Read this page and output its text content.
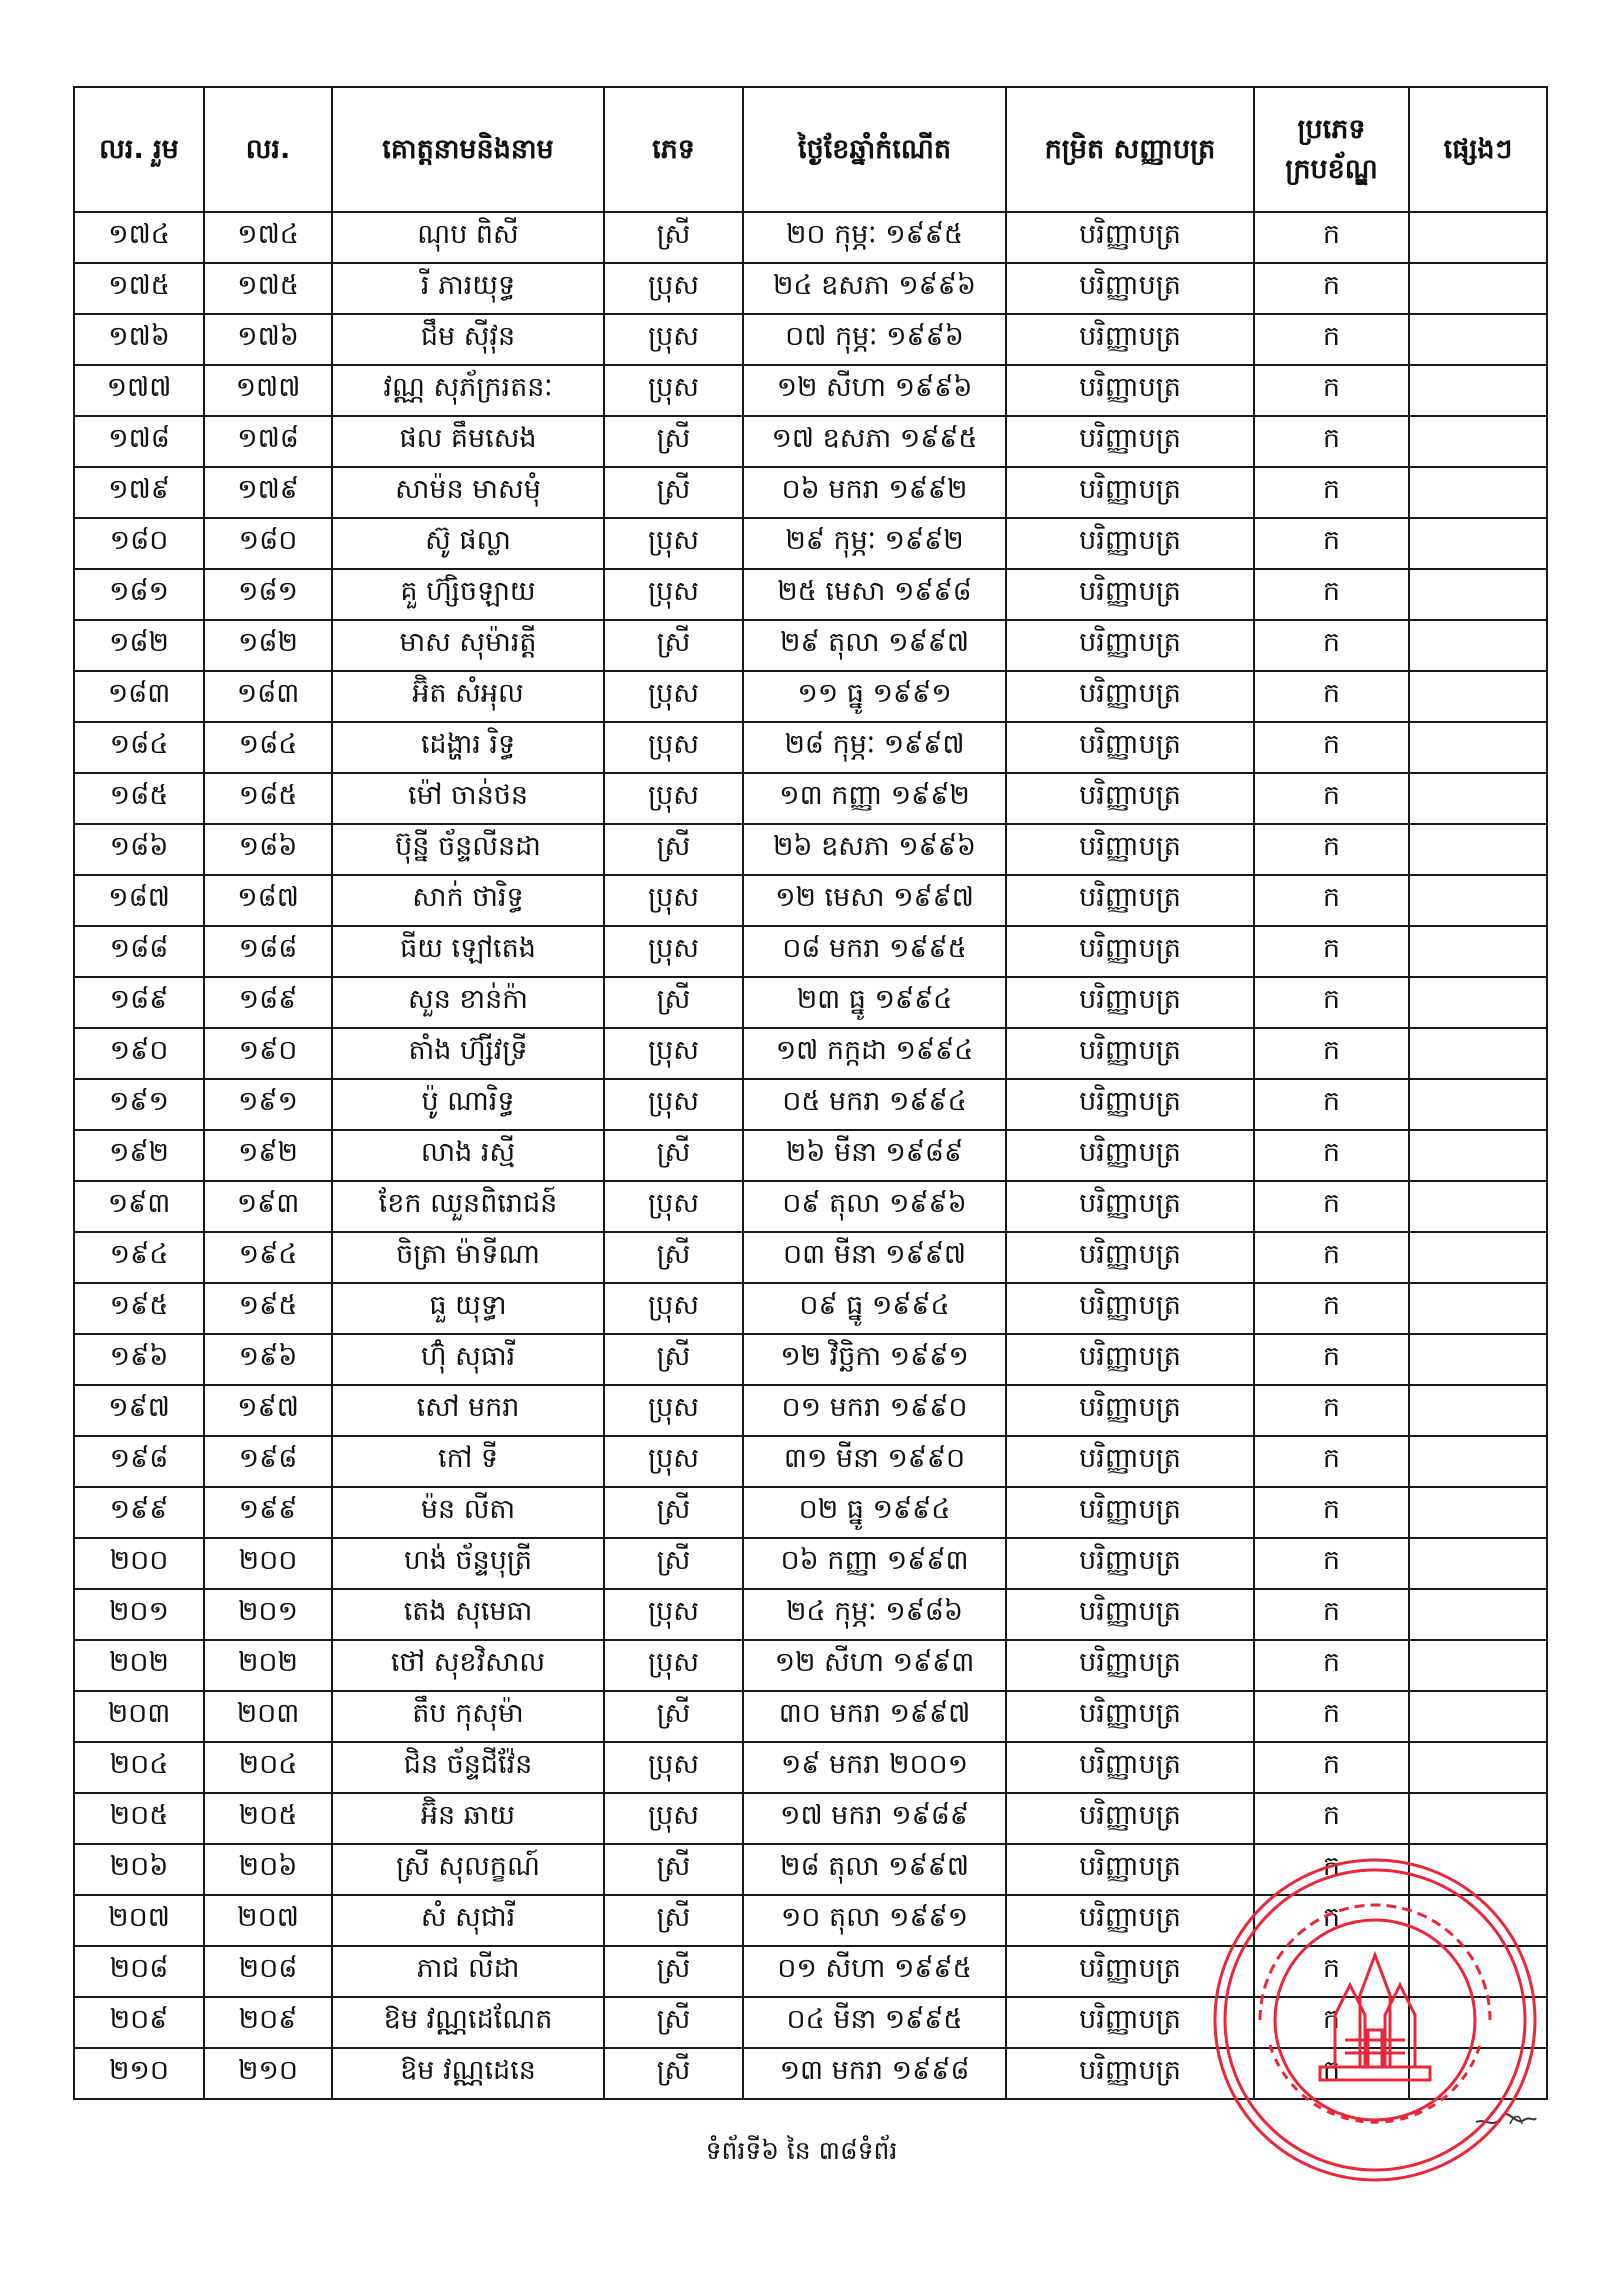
លរ. រួម	លរ.	គោត្តនាមនិងនាម	ភេទ	ថ្ងៃខែឆ្នាំកំណើត	កម្រិត សញ្ញាបត្រ	ប្រភេទ ក្របខ័ណ្ឌ	ផ្សេងៗ
១៧៤	១៧៤	ណុប ពិសី	ស្រី	២០ កុម្ភៈ ១៩៩៥	បរិញ្ញាបត្រ	ក	
១៧៥	១៧៥	រី ភារយុទ្ធ	ប្រុស	២៤ ឧសភា ១៩៩៦	បរិញ្ញាបត្រ	ក	
១៧៦	១៧៦	ជឹម ស៊ីវុន	ប្រុស	០៧ កុម្ភៈ ១៩៩៦	បរិញ្ញាបត្រ	ក	
១៧៧	១៧៧	វណ្ណ សុភ័ក្ររតនៈ	ប្រុស	១២ សីហា ១៩៩៦	បរិញ្ញាបត្រ	ក	
១៧៨	១៧៨	ផល គឹមសេង	ស្រី	១៧ ឧសភា ១៩៩៥	បរិញ្ញាបត្រ	ក	
១៧៩	១៧៩	សាម៉ន មាសមុំ	ស្រី	០៦ មករា ១៩៩២	បរិញ្ញាបត្រ	ក	
១៨០	១៨០	ស៊ូ ផល្លា	ប្រុស	២៩ កុម្ភៈ ១៩៩២	បរិញ្ញាបត្រ	ក	
១៨១	១៨១	គួ ហ៊្សិចឡាយ	ប្រុស	២៥ មេសា ១៩៩៨	បរិញ្ញាបត្រ	ក	
១៨២	១៨២	មាស សុម៉ារត្តី	ស្រី	២៩ តុលា ១៩៩៧	បរិញ្ញាបត្រ	ក	
១៨៣	១៨៣	អ៊ិត សំអុល	ប្រុស	១១ ធ្នូ ១៩៩១	បរិញ្ញាបត្រ	ក	
១៨៤	១៨៤	ដេង្ហារ រិទ្ធ	ប្រុស	២៨ កុម្ភៈ ១៩៩៧	បរិញ្ញាបត្រ	ក	
១៨៥	១៨៥	ម៉ៅ ចាន់ថន	ប្រុស	១៣ កញ្ញា ១៩៩២	បរិញ្ញាបត្រ	ក	
១៨៦	១៨៦	ប៊ុន្នី ច័ន្ទលីនដា	ស្រី	២៦ ឧសភា ១៩៩៦	បរិញ្ញាបត្រ	ក	
១៨៧	១៨៧	សាក់ ថារិទ្ធ	ប្រុស	១២ មេសា ១៩៩៧	បរិញ្ញាបត្រ	ក	
១៨៨	១៨៨	ធីយ ឡៅតេង	ប្រុស	០៨ មករា ១៩៩៥	បរិញ្ញាបត្រ	ក	
១៨៩	១៨៩	សួន ខាន់ក៉ា	ស្រី	២៣ ធ្នូ ១៩៩៤	បរិញ្ញាបត្រ	ក	
១៩០	១៩០	តាំង ហ៊្សីវទ្រី	ប្រុស	១៧ កក្កដា ១៩៩៤	បរិញ្ញាបត្រ	ក	
១៩១	១៩១	ប៉ូ ណារិទ្ធ	ប្រុស	០៥ មករា ១៩៩៤	បរិញ្ញាបត្រ	ក	
១៩២	១៩២	លាង រស្មី	ស្រី	២៦ មីនា ១៩៨៩	បរិញ្ញាបត្រ	ក	
១៩៣	១៩៣	ខែក ឈួនពិរោជន៍	ប្រុស	០៩ តុលា ១៩៩៦	បរិញ្ញាបត្រ	ក	
១៩៤	១៩៤	ចិត្រា ម៉ាទីណា	ស្រី	០៣ មីនា ១៩៩៧	បរិញ្ញាបត្រ	ក	
១៩៥	១៩៥	ធួ យុទ្ធា	ប្រុស	០៩ ធ្នូ ១៩៩៤	បរិញ្ញាបត្រ	ក	
១៩៦	១៩៦	ហ៊ុំ សុធារី	ស្រី	១២ វិច្ឆិកា ១៩៩១	បរិញ្ញាបត្រ	ក	
១៩៧	១៩៧	សៅ មករា	ប្រុស	០១ មករា ១៩៩០	បរិញ្ញាបត្រ	ក	
១៩៨	១៩៨	កៅ ទី	ប្រុស	៣១ មីនា ១៩៩០	បរិញ្ញាបត្រ	ក	
១៩៩	១៩៩	ម៉ន លីតា	ស្រី	០២ ធ្នូ ១៩៩៤	បរិញ្ញាបត្រ	ក	
២០០	២០០	ហង់ ច័ន្ទបុត្រី	ស្រី	០៦ កញ្ញា ១៩៩៣	បរិញ្ញាបត្រ	ក	
២០១	២០១	តេង សុមេធា	ប្រុស	២៤ កុម្ភៈ ១៩៨៦	បរិញ្ញាបត្រ	ក	
២០២	២០២	ថៅ សុខវិសាល	ប្រុស	១២ សីហា ១៩៩៣	បរិញ្ញាបត្រ	ក	
២០៣	២០៣	តឹប កុសុម៉ា	ស្រី	៣០ មករា ១៩៩៧	បរិញ្ញាបត្រ	ក	
២០៤	២០៤	ជិន ច័ន្ទជីវ៉ែន	ប្រុស	១៩ មករា ២០០១	បរិញ្ញាបត្រ	ក	
២០៥	២០៥	អ៊ិន ឆាយ	ប្រុស	១៧ មករា ១៩៨៩	បរិញ្ញាបត្រ	ក	
២០៦	២០៦	ស្រី សុលក្ខណ៍	ស្រី	២៨ តុលា ១៩៩៧	បរិញ្ញាបត្រ	ក	
២០៧	២០៧	សំ សុជារី	ស្រី	១០ តុលា ១៩៩១	បរិញ្ញាបត្រ	ក	
២០៨	២០៨	ភាជ លីដា	ស្រី	០១ សីហា ១៩៩៥	បរិញ្ញាបត្រ	ក	
២០៩	២០៩	ឱម វណ្ណដេណែត	ស្រី	០៤ មីនា ១៩៩៥	បរិញ្ញាបត្រ	ក	
២១០	២១០	ឱម វណ្ណដេនេ	ស្រី	១៣ មករា ១៩៩៨	បរិញ្ញាបត្រ	ក	
ទំព័រទី៦ នៃ ៣៨ទំព័រ
